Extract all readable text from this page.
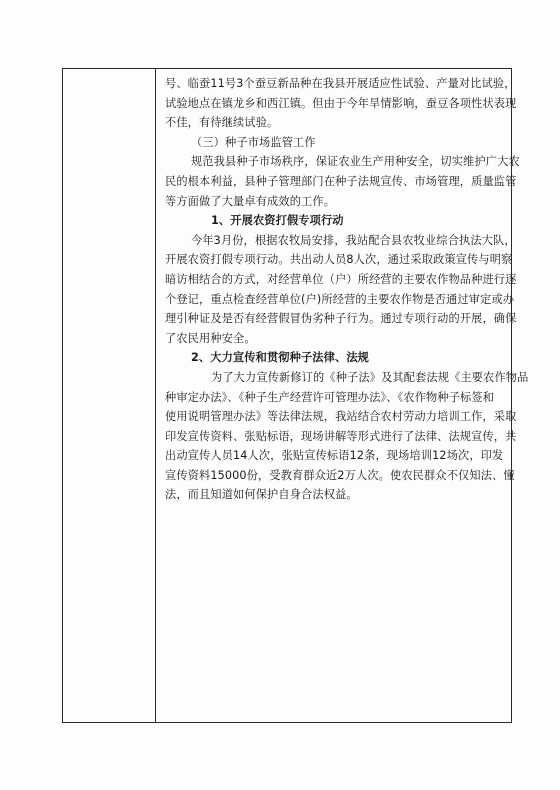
号、临蚕11号3个蚕豆新品种在我县开展适应性试验、产量对比试验，
试验地点在镇龙乡和西江镇。但由于今年旱情影响，蚕豆各项性状表现
不佳，有待继续试验。
（三）种子市场监管工作
规范我县种子市场秩序，保证农业生产用种安全，切实维护广大农
民的根本利益，县种子管理部门在种子法规宣传、市场管理，质量监管
等方面做了大量卓有成效的工作。
1、开展农资打假专项行动
今年3月份，根据农牧局安排，我站配合县农牧业综合执法大队，
开展农资打假专项行动。共出动人员8人次，通过采取政策宣传与明察
暗访相结合的方式，对经营单位（户）所经营的主要农作物品种进行逐
个登记，重点检查经营单位(户)所经营的主要农作物是否通过审定或办
理引种证及是否有经营假冒伪劣种子行为。通过专项行动的开展，确保
了农民用种安全。
2、大力宣传和贯彻种子法律、法规
为了大力宣传新修订的《种子法》及其配套法规《主要农作物品
种审定办法》、《种子生产经营许可管理办法》、《农作物种子标签和
使用说明管理办法》等法律法规，我站结合农村劳动力培训工作，采取
印发宣传资料、张贴标语，现场讲解等形式进行了法律、法规宣传，共
出动宣传人员14人次，张贴宣传标语12条，现场培训12场次，印发
宣传资料15000份，受教育群众近2万人次。使农民群众不仅知法、懂
法，而且知道如何保护自身合法权益。
